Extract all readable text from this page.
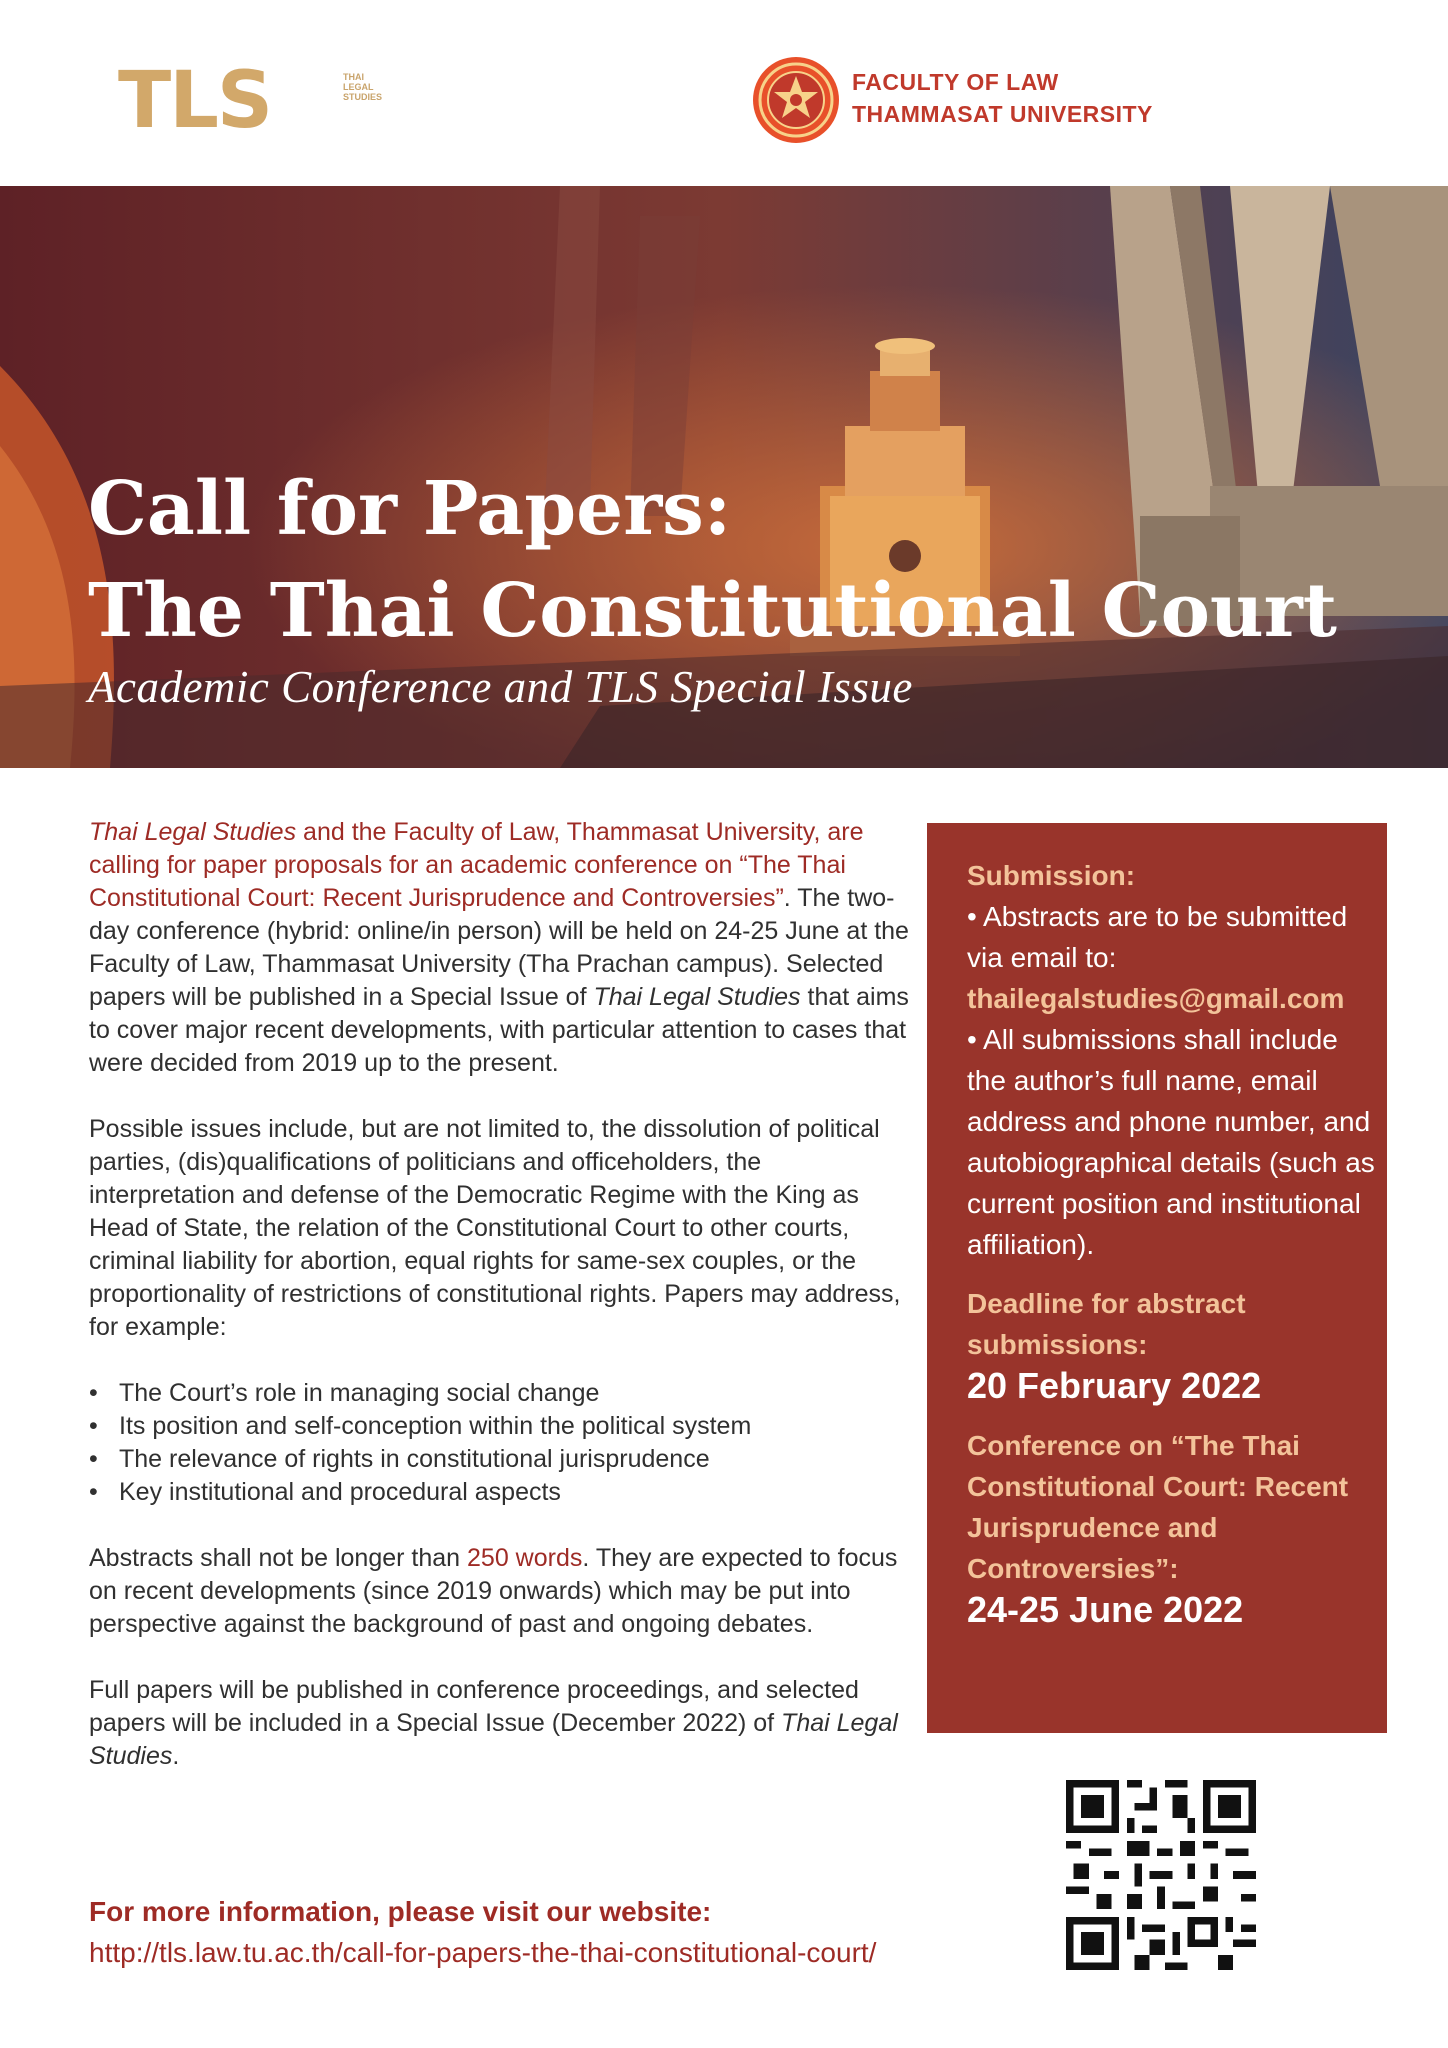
TLS	THAI
LEGAL
STUDIES
FACULTY OF LAW
THAMMASAT UNIVERSITY
Call for Papers:
The Thai Constitutional Court
Academic Conference and TLS Special Issue

Thai Legal Studies and the Faculty of Law, Thammasat University, are calling for paper proposals for an academic conference on “The Thai Constitutional Court: Recent Jurisprudence and Controversies”. The two-day conference (hybrid: online/in person) will be held on 24-25 June at the Faculty of Law, Thammasat University (Tha Prachan campus). Selected papers will be published in a Special Issue of Thai Legal Studies that aims to cover major recent developments, with particular attention to cases that were decided from 2019 up to the present.

Possible issues include, but are not limited to, the dissolution of political parties, (dis)qualifications of politicians and officeholders, the interpretation and defense of the Democratic Regime with the King as Head of State, the relation of the Constitutional Court to other courts, criminal liability for abortion, equal rights for same-sex couples, or the proportionality of restrictions of constitutional rights. Papers may address, for example:

• The Court’s role in managing social change
• Its position and self-conception within the political system
• The relevance of rights in constitutional jurisprudence
• Key institutional and procedural aspects

Abstracts shall not be longer than 250 words. They are expected to focus on recent developments (since 2019 onwards) which may be put into perspective against the background of past and ongoing debates.

Full papers will be published in conference proceedings, and selected papers will be included in a Special Issue (December 2022) of Thai Legal Studies.

For more information, please visit our website:
http://tls.law.tu.ac.th/call-for-papers-the-thai-constitutional-court/
Submission:
• Abstracts are to be submitted via email to:
thailegalstudies@gmail.com
• All submissions shall include the author’s full name, email address and phone number, and autobiographical details (such as current position and institutional affiliation).
Deadline for abstract submissions:
20 February 2022
Conference on “The Thai Constitutional Court: Recent Jurisprudence and Controversies”:
24-25 June 2022
